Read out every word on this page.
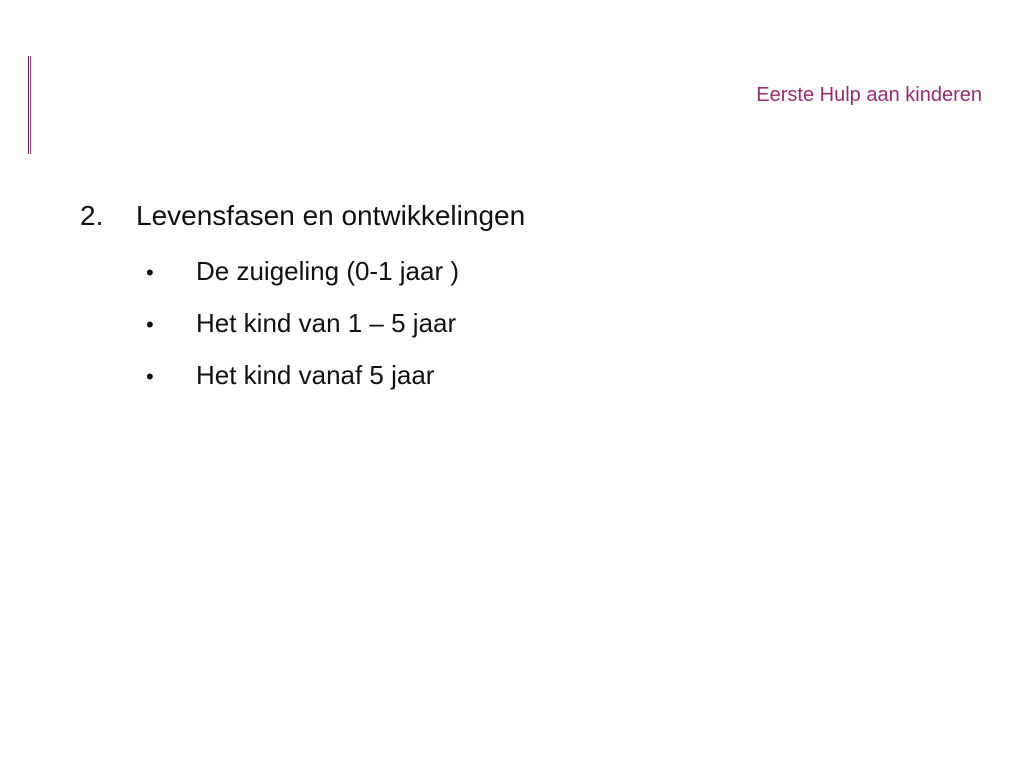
Eerste Hulp aan kinderen
2.	Levensfasen en ontwikkelingen
•	De zuigeling (0-1 jaar )
•	Het kind van 1 – 5 jaar
•	Het kind vanaf 5 jaar
